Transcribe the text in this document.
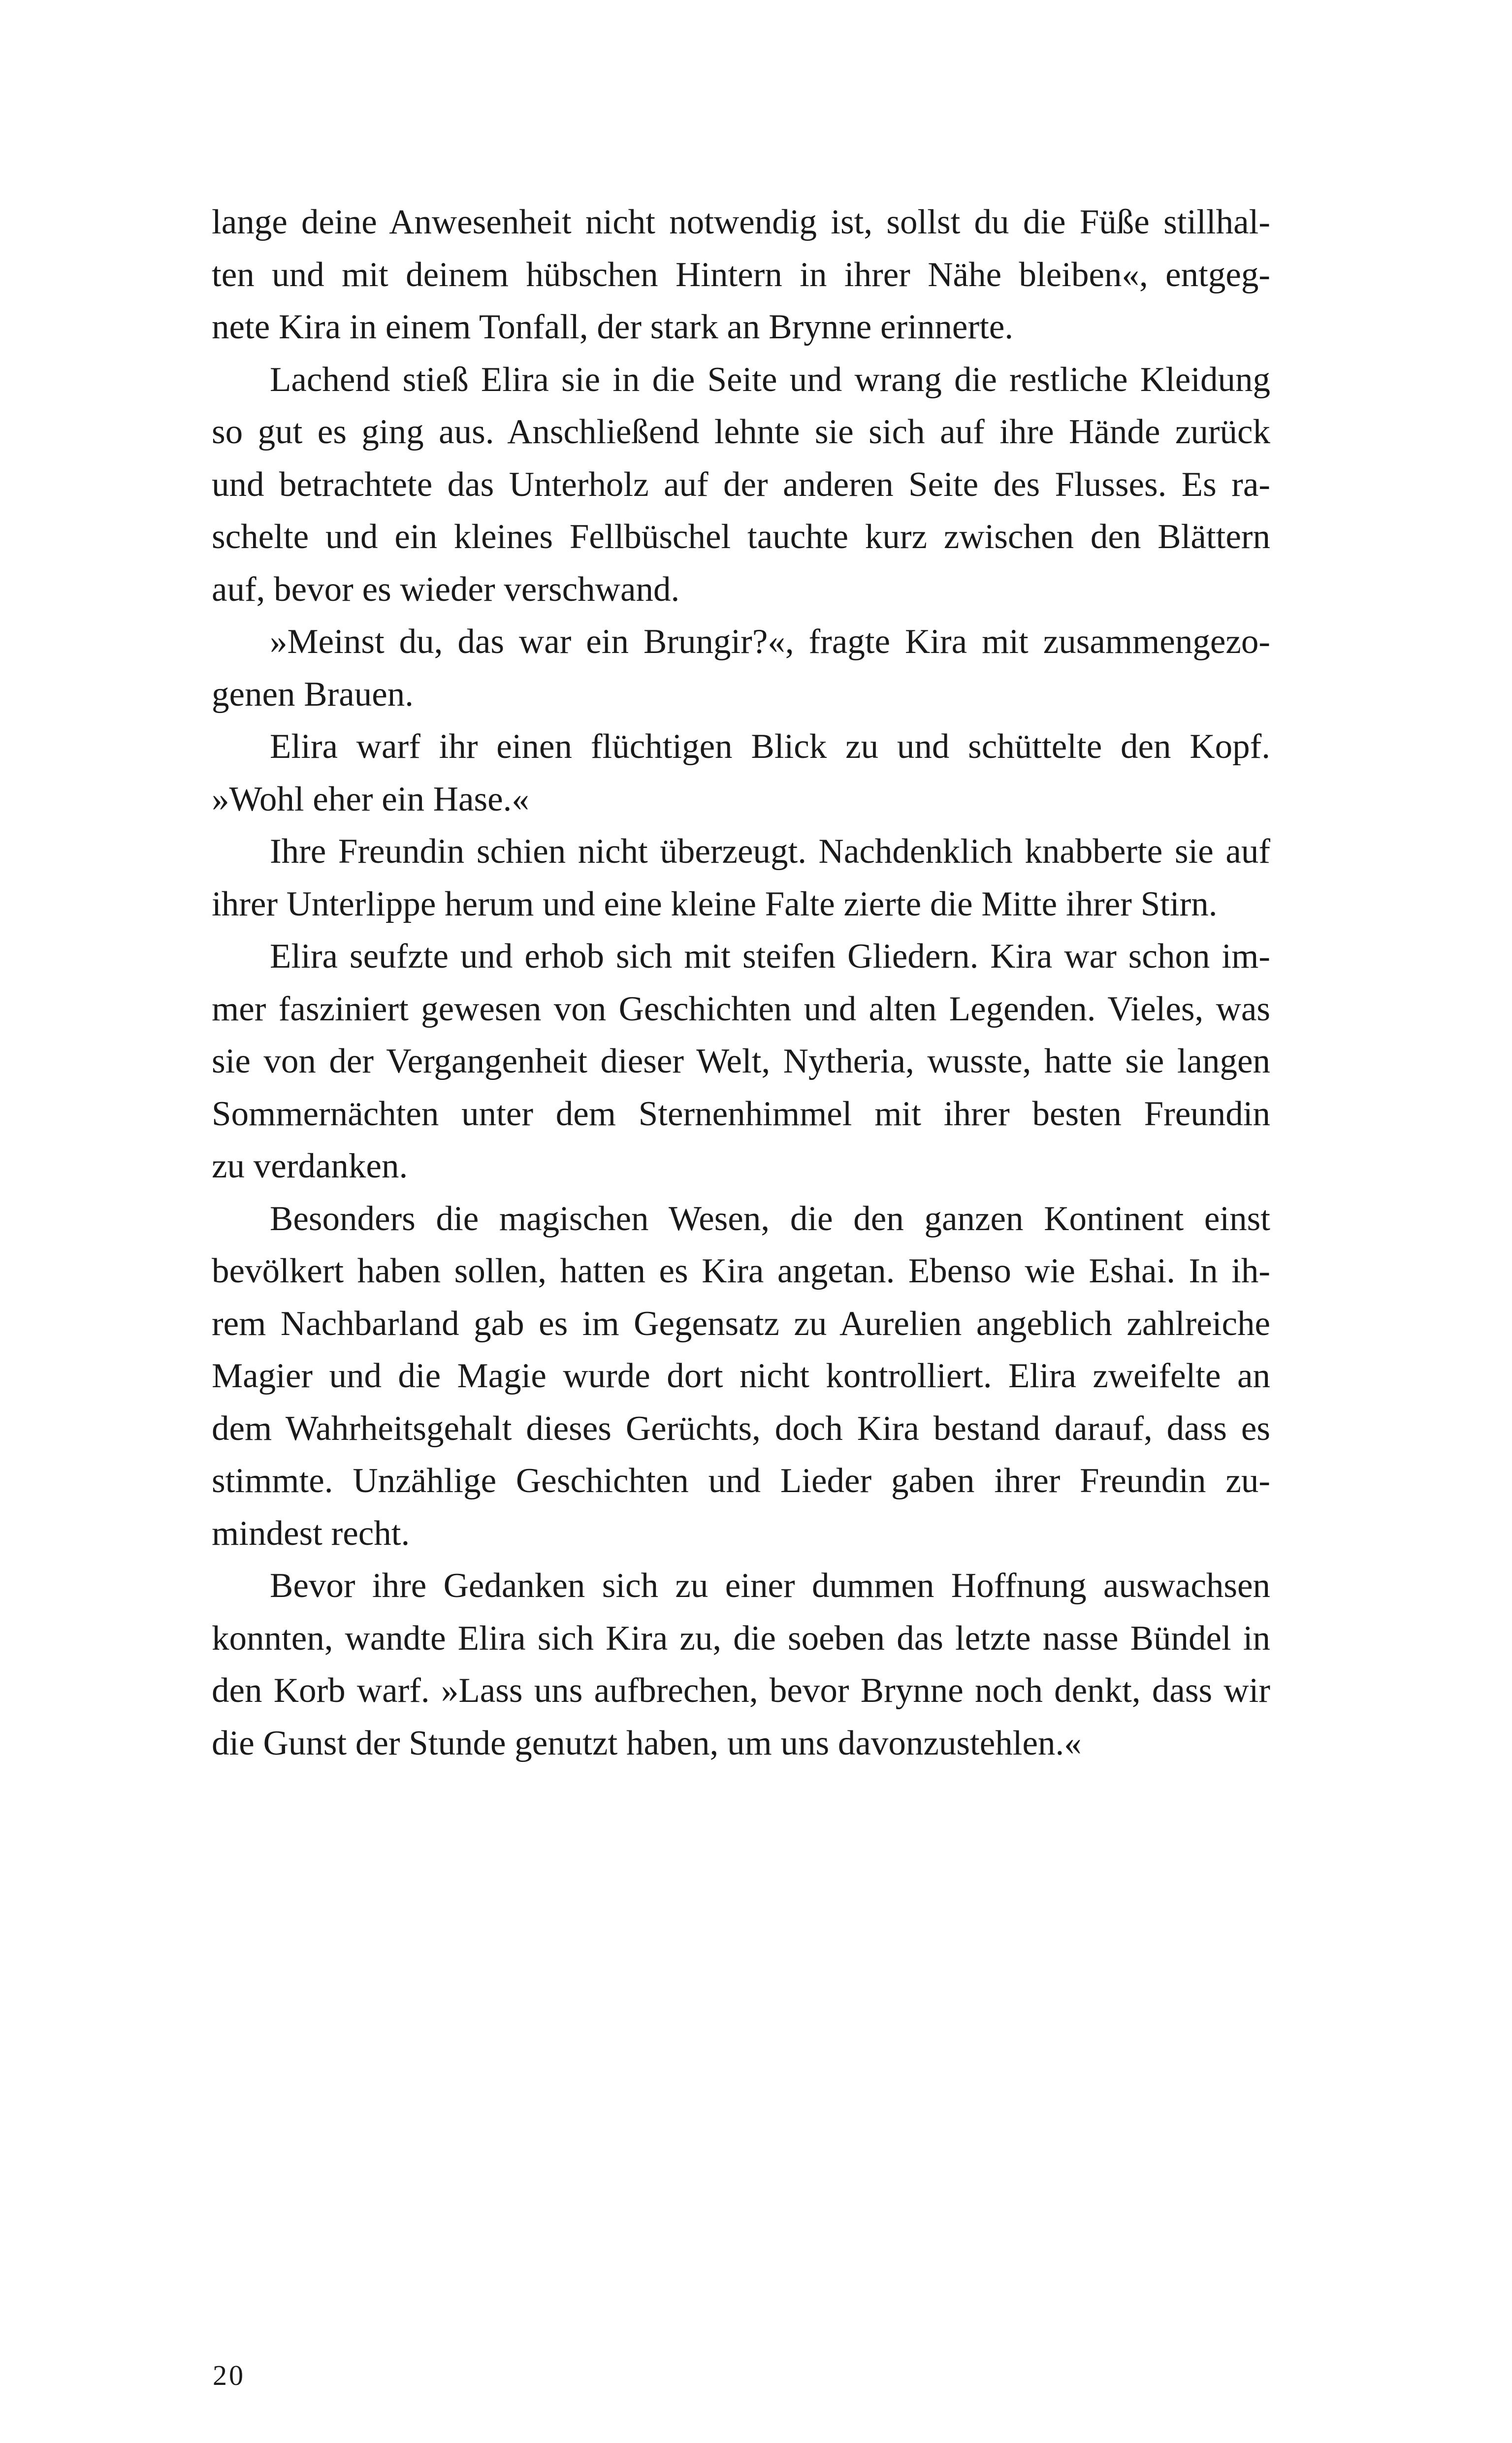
lange deine Anwesenheit nicht notwendig ist, sollst du die Füße stillhal-
ten und mit deinem hübschen Hintern in ihrer Nähe bleiben«, entgeg-
nete Kira in einem Tonfall, der stark an Brynne erinnerte.
Lachend stieß Elira sie in die Seite und wrang die restliche Kleidung
so gut es ging aus. Anschließend lehnte sie sich auf ihre Hände zurück
und betrachtete das Unterholz auf der anderen Seite des Flusses. Es ra-
schelte und ein kleines Fellbüschel tauchte kurz zwischen den Blättern
auf, bevor es wieder verschwand.
»Meinst du, das war ein Brungir?«, fragte Kira mit zusammengezo-
genen Brauen.
Elira warf ihr einen flüchtigen Blick zu und schüttelte den Kopf.
»Wohl eher ein Hase.«
Ihre Freundin schien nicht überzeugt. Nachdenklich knabberte sie auf
ihrer Unterlippe herum und eine kleine Falte zierte die Mitte ihrer Stirn.
Elira seufzte und erhob sich mit steifen Gliedern. Kira war schon im-
mer fasziniert gewesen von Geschichten und alten Legenden. Vieles, was
sie von der Vergangenheit dieser Welt, Nytheria, wusste, hatte sie langen
Sommernächten unter dem Sternenhimmel mit ihrer besten Freundin
zu verdanken.
Besonders die magischen Wesen, die den ganzen Kontinent einst
bevölkert haben sollen, hatten es Kira angetan. Ebenso wie Eshai. In ih-
rem Nachbarland gab es im Gegensatz zu Aurelien angeblich zahlreiche
Magier und die Magie wurde dort nicht kontrolliert. Elira zweifelte an
dem Wahrheitsgehalt dieses Gerüchts, doch Kira bestand darauf, dass es
stimmte. Unzählige Geschichten und Lieder gaben ihrer Freundin zu-
mindest recht.
Bevor ihre Gedanken sich zu einer dummen Hoffnung auswachsen
konnten, wandte Elira sich Kira zu, die soeben das letzte nasse Bündel in
den Korb warf. »Lass uns aufbrechen, bevor Brynne noch denkt, dass wir
die Gunst der Stunde genutzt haben, um uns davonzustehlen.«
20
